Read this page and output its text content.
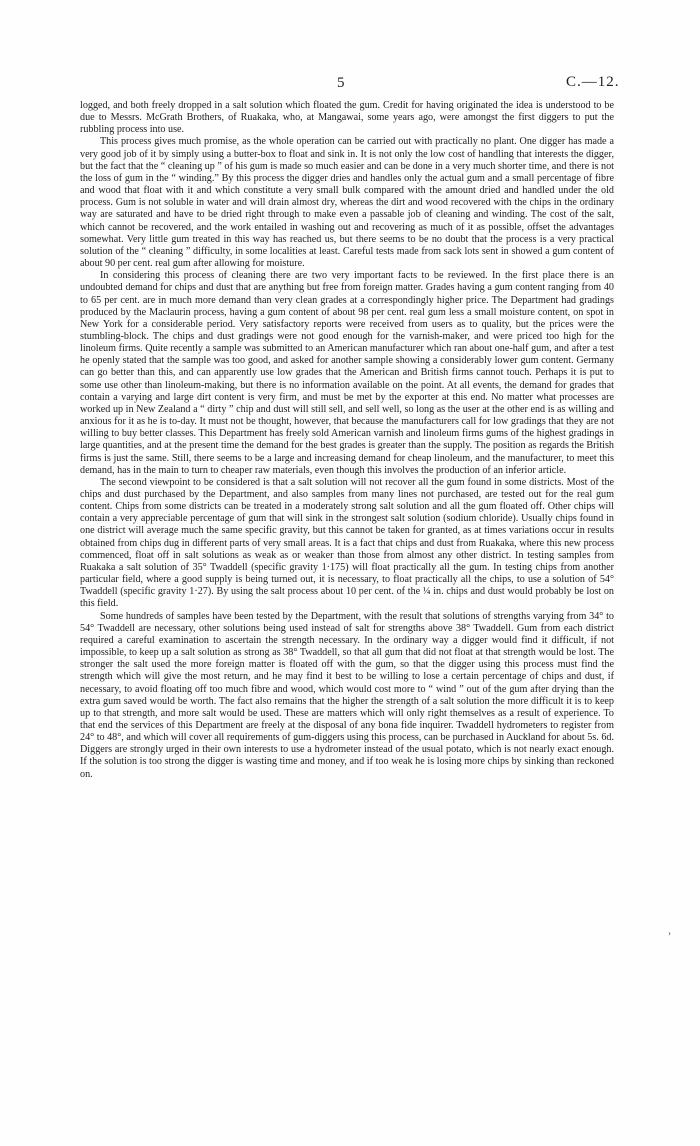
5	C.—12.

logged, and both freely dropped in a salt solution which floated the gum. Credit for having originated the idea is understood to be due to Messrs. McGrath Brothers, of Ruakaka, who, at Mangawai, some years ago, were amongst the first diggers to put the rubbling process into use.

This process gives much promise, as the whole operation can be carried out with practically no plant. One digger has made a very good job of it by simply using a butter-box to float and sink in. It is not only the low cost of handling that interests the digger, but the fact that the “ cleaning up ” of his gum is made so much easier and can be done in a very much shorter time, and there is not the loss of gum in the “ winding.” By this process the digger dries and handles only the actual gum and a small percentage of fibre and wood that float with it and which constitute a very small bulk compared with the amount dried and handled under the old process. Gum is not soluble in water and will drain almost dry, whereas the dirt and wood recovered with the chips in the ordinary way are saturated and have to be dried right through to make even a passable job of cleaning and winding. The cost of the salt, which cannot be recovered, and the work entailed in washing out and recovering as much of it as possible, offset the advantages somewhat. Very little gum treated in this way has reached us, but there seems to be no doubt that the process is a very practical solution of the “ cleaning ” difficulty, in some localities at least. Careful tests made from sack lots sent in showed a gum content of about 90 per cent. real gum after allowing for moisture.

In considering this process of cleaning there are two very important facts to be reviewed. In the first place there is an undoubted demand for chips and dust that are anything but free from foreign matter. Grades having a gum content ranging from 40 to 65 per cent. are in much more demand than very clean grades at a correspondingly higher price. The Department had gradings produced by the Maclaurin process, having a gum content of about 98 per cent. real gum less a small moisture content, on spot in New York for a considerable period. Very satisfactory reports were received from users as to quality, but the prices were the stumbling-block. The chips and dust gradings were not good enough for the varnish-maker, and were priced too high for the linoleum firms. Quite recently a sample was submitted to an American manufacturer which ran about one-half gum, and after a test he openly stated that the sample was too good, and asked for another sample showing a considerably lower gum content. Germany can go better than this, and can apparently use low grades that the American and British firms cannot touch. Perhaps it is put to some use other than linoleum-making, but there is no information available on the point. At all events, the demand for grades that contain a varying and large dirt content is very firm, and must be met by the exporter at this end. No matter what processes are worked up in New Zealand a “ dirty ” chip and dust will still sell, and sell well, so long as the user at the other end is as willing and anxious for it as he is to-day. It must not be thought, however, that because the manufacturers call for low gradings that they are not willing to buy better classes. This Department has freely sold American varnish and linoleum firms gums of the highest gradings in large quantities, and at the present time the demand for the best grades is greater than the supply. The position as regards the British firms is just the same. Still, there seems to be a large and increasing demand for cheap linoleum, and the manufacturer, to meet this demand, has in the main to turn to cheaper raw materials, even though this involves the production of an inferior article.

The second viewpoint to be considered is that a salt solution will not recover all the gum found in some districts. Most of the chips and dust purchased by the Department, and also samples from many lines not purchased, are tested out for the real gum content. Chips from some districts can be treated in a moderately strong salt solution and all the gum floated off. Other chips will contain a very appreciable percentage of gum that will sink in the strongest salt solution (sodium chloride). Usually chips found in one district will average much the same specific gravity, but this cannot be taken for granted, as at times variations occur in results obtained from chips dug in different parts of very small areas. It is a fact that chips and dust from Ruakaka, where this new process commenced, float off in salt solutions as weak as or weaker than those from almost any other district. In testing samples from Ruakaka a salt solution of 35° Twaddell (specific gravity 1·175) will float practically all the gum. In testing chips from another particular field, where a good supply is being turned out, it is necessary, to float practically all the chips, to use a solution of 54° Twaddell (specific gravity 1·27). By using the salt process about 10 per cent. of the ¼ in. chips and dust would probably be lost on this field.

Some hundreds of samples have been tested by the Department, with the result that solutions of strengths varying from 34° to 54° Twaddell are necessary, other solutions being used instead of salt for strengths above 38° Twaddell. Gum from each district required a careful examination to ascertain the strength necessary. In the ordinary way a digger would find it difficult, if not impossible, to keep up a salt solution as strong as 38° Twaddell, so that all gum that did not float at that strength would be lost. The stronger the salt used the more foreign matter is floated off with the gum, so that the digger using this process must find the strength which will give the most return, and he may find it best to be willing to lose a certain percentage of chips and dust, if necessary, to avoid floating off too much fibre and wood, which would cost more to “ wind ” out of the gum after drying than the extra gum saved would be worth. The fact also remains that the higher the strength of a salt solution the more difficult it is to keep up to that strength, and more salt would be used. These are matters which will only right themselves as a result of experience. To that end the services of this Department are freely at the disposal of any bona fide inquirer. Twaddell hydrometers to register from 24° to 48°, and which will cover all requirements of gum-diggers using this process, can be purchased in Auckland for about 5s. 6d. Diggers are strongly urged in their own interests to use a hydrometer instead of the usual potato, which is not nearly exact enough. If the solution is too strong the digger is wasting time and money, and if too weak he is losing more chips by sinking than reckoned on.

›
